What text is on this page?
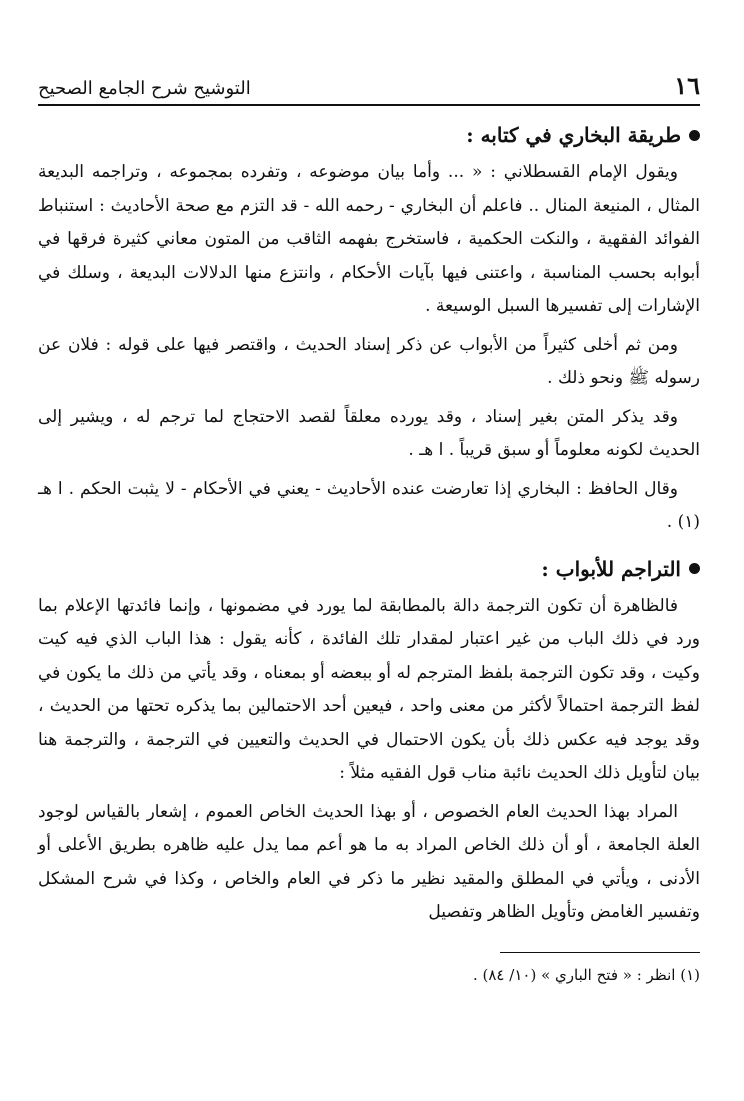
١٦
التوشيح شرح الجامع الصحيح
طريقة البخاري في كتابه :

ويقول الإمام القسطلاني : « ... وأما بيان موضوعه ، وتفرده بمجموعه ، وتراجمه البديعة المثال ، المنيعة المنال .. فاعلم أن البخاري - رحمه الله - قد التزم مع صحة الأحاديث : استنباط الفوائد الفقهية ، والنكت الحكمية ، فاستخرج بفهمه الثاقب من المتون معاني كثيرة فرقها في أبوابه بحسب المناسبة ، واعتنى فيها بآيات الأحكام ، وانتزع منها الدلالات البديعة ، وسلك في الإشارات إلى تفسيرها السبل الوسيعة .

ومن ثم أخلى كثيراً من الأبواب عن ذكر إسناد الحديث ، واقتصر فيها على قوله : فلان عن رسوله ﷺ ونحو ذلك .

وقد يذكر المتن بغير إسناد ، وقد يورده معلقاً لقصد الاحتجاج لما ترجم له ، ويشير إلى الحديث لكونه معلوماً أو سبق قريباً . ا هـ .

وقال الحافظ : البخاري إذا تعارضت عنده الأحاديث - يعني في الأحكام - لا يثبت الحكم . ا هـ (١) .

التراجم للأبواب :

فالظاهرة أن تكون الترجمة دالة بالمطابقة لما يورد في مضمونها ، وإنما فائدتها الإعلام بما ورد في ذلك الباب من غير اعتبار لمقدار تلك الفائدة ، كأنه يقول : هذا الباب الذي فيه كيت وكيت ، وقد تكون الترجمة بلفظ المترجم له أو ببعضه أو بمعناه ، وقد يأتي من ذلك ما يكون في لفظ الترجمة احتمالاً لأكثر من معنى واحد ، فيعين أحد الاحتمالين بما يذكره تحتها من الحديث ، وقد يوجد فيه عكس ذلك بأن يكون الاحتمال في الحديث والتعيين في الترجمة ، والترجمة هنا بيان لتأويل ذلك الحديث نائبة مناب قول الفقيه مثلاً :

المراد بهذا الحديث العام الخصوص ، أو بهذا الحديث الخاص العموم ، إشعار بالقياس لوجود العلة الجامعة ، أو أن ذلك الخاص المراد به ما هو أعم مما يدل عليه ظاهره بطريق الأعلى أو الأدنى ، ويأتي في المطلق والمقيد نظير ما ذكر في العام والخاص ، وكذا في شرح المشكل وتفسير الغامض وتأويل الظاهر وتفصيل

(١) انظر : « فتح الباري » (١٠/ ٨٤) .
